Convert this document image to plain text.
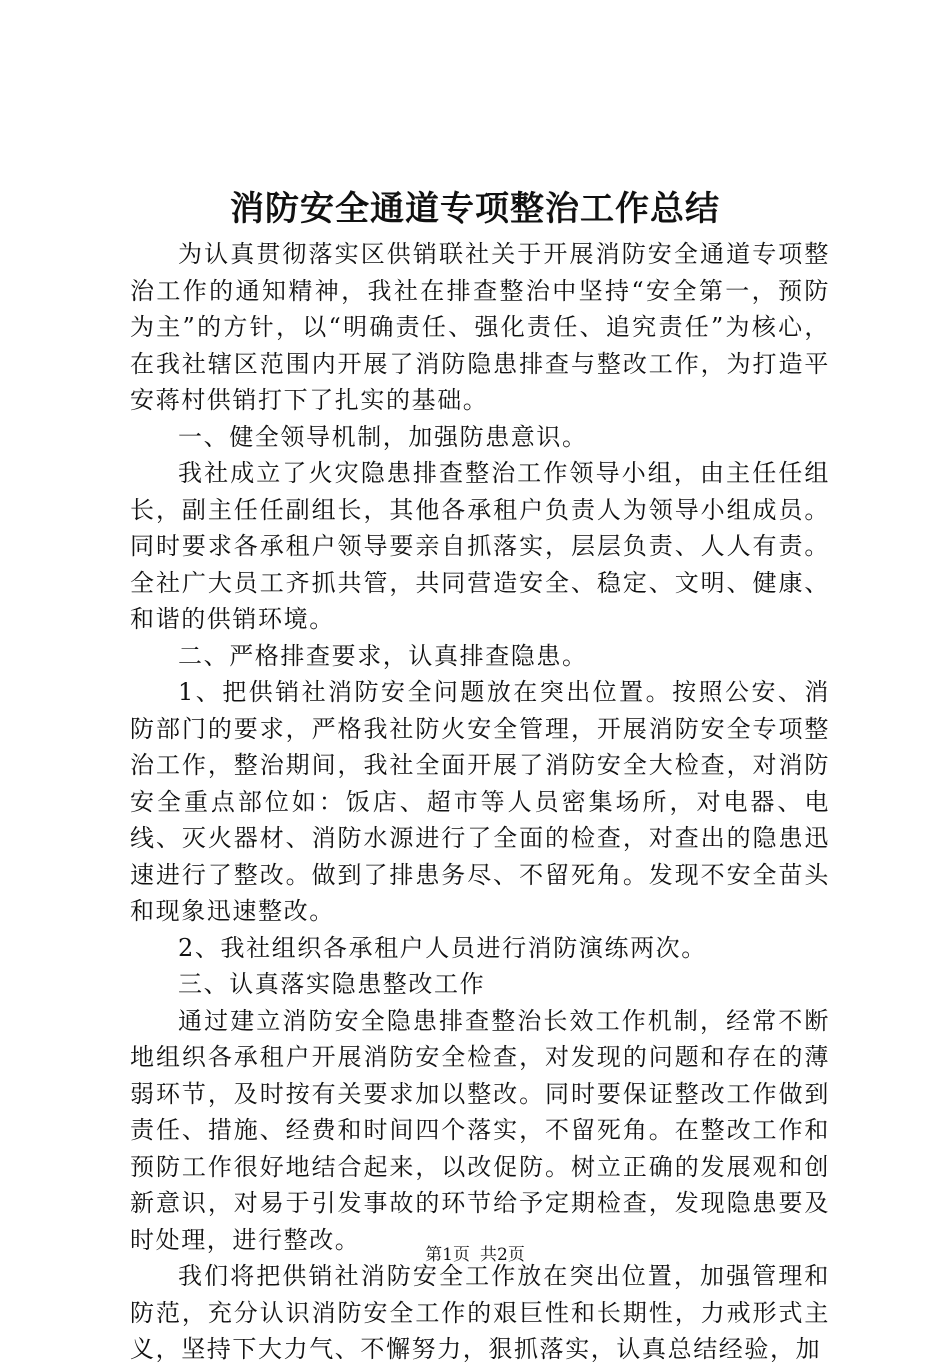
消防安全通道专项整治工作总结

为认真贯彻落实区供销联社关于开展消防安全通道专项整治工作的通知精神，我社在排查整治中坚持“安全第一，预防为主”的方针，以“明确责任、强化责任、追究责任”为核心，在我社辖区范围内开展了消防隐患排查与整改工作，为打造平安蒋村供销打下了扎实的基础。

一、健全领导机制，加强防患意识。

我社成立了火灾隐患排查整治工作领导小组，由主任任组长，副主任任副组长，其他各承租户负责人为领导小组成员。同时要求各承租户领导要亲自抓落实，层层负责、人人有责。全社广大员工齐抓共管，共同营造安全、稳定、文明、健康、和谐的供销环境。

二、严格排查要求，认真排查隐患。

1、把供销社消防安全问题放在突出位置。按照公安、消防部门的要求，严格我社防火安全管理，开展消防安全专项整治工作，整治期间，我社全面开展了消防安全大检查，对消防安全重点部位如：饭店、超市等人员密集场所，对电器、电线、灭火器材、消防水源进行了全面的检查，对查出的隐患迅速进行了整改。做到了排患务尽、不留死角。发现不安全苗头和现象迅速整改。

2、我社组织各承租户人员进行消防演练两次。

三、认真落实隐患整改工作

通过建立消防安全隐患排查整治长效工作机制，经常不断地组织各承租户开展消防安全检查，对发现的问题和存在的薄弱环节，及时按有关要求加以整改。同时要保证整改工作做到责任、措施、经费和时间四个落实，不留死角。在整改工作和预防工作很好地结合起来，以改促防。树立正确的发展观和创新意识，对易于引发事故的环节给予定期检查，发现隐患要及时处理，进行整改。

我们将把供销社消防安全工作放在突出位置，加强管理和防范，充分认识消防安全工作的艰巨性和长期性，力戒形式主义，坚持下大力气、不懈努力，狠抓落实，认真总结经验，加

第1页 共2页
